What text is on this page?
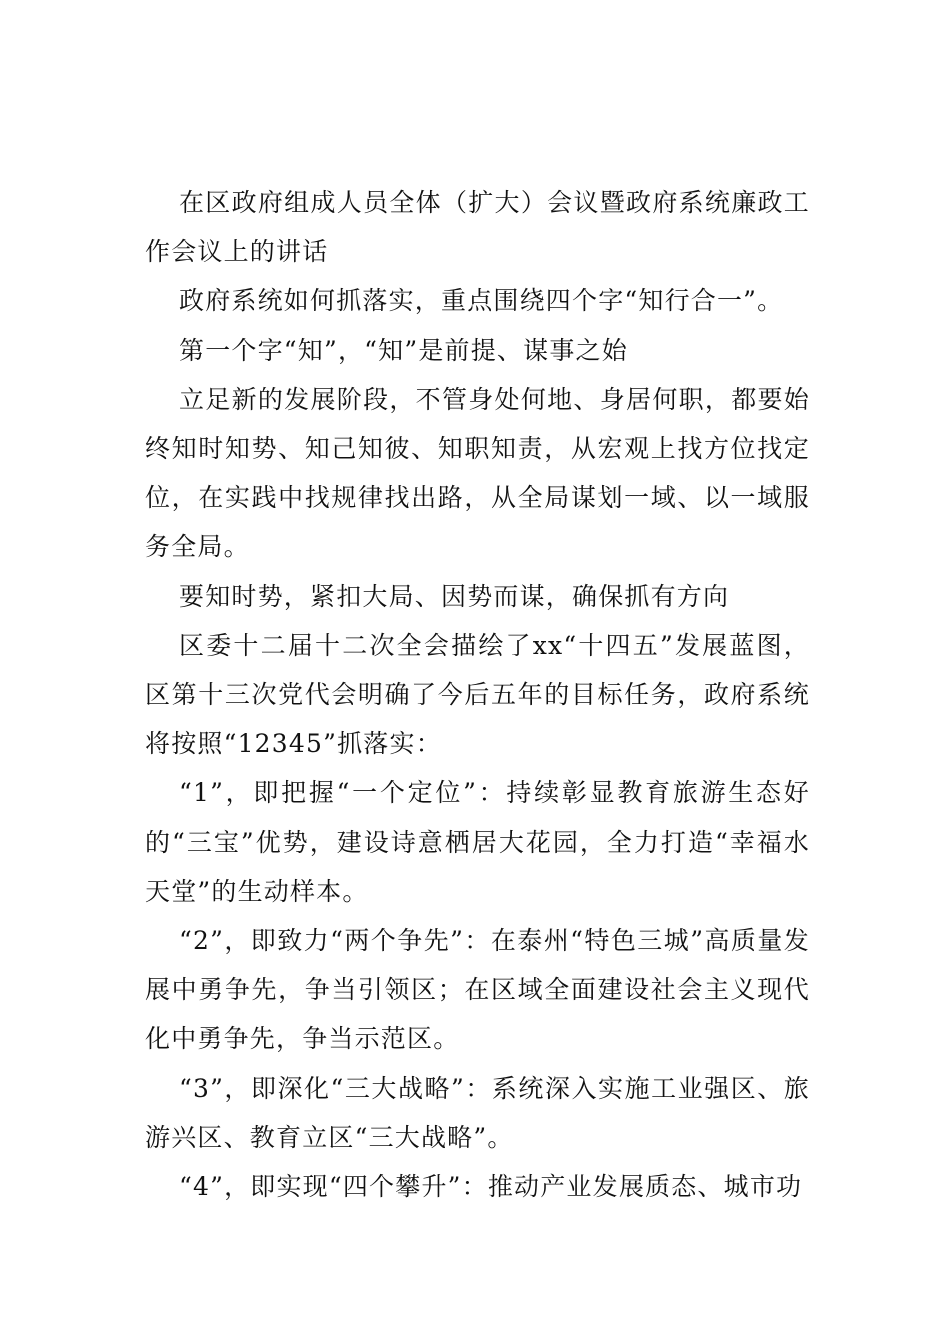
在区政府组成人员全体（扩大）会议暨政府系统廉政工作会议上的讲话

政府系统如何抓落实，重点围绕四个字“知行合一”。

第一个字“知”，“知”是前提、谋事之始

立足新的发展阶段，不管身处何地、身居何职，都要始终知时知势、知己知彼、知职知责，从宏观上找方位找定位，在实践中找规律找出路，从全局谋划一域、以一域服务全局。

要知时势，紧扣大局、因势而谋，确保抓有方向

区委十二届十二次全会描绘了xx“十四五”发展蓝图，区第十三次党代会明确了今后五年的目标任务，政府系统将按照“12345”抓落实：

“1”，即把握“一个定位”：持续彰显教育旅游生态好的“三宝”优势，建设诗意栖居大花园，全力打造“幸福水天堂”的生动样本。

“2”，即致力“两个争先”：在泰州“特色三城”高质量发展中勇争先，争当引领区；在区域全面建设社会主义现代化中勇争先，争当示范区。

“3”，即深化“三大战略”：系统深入实施工业强区、旅游兴区、教育立区“三大战略”。

“4”，即实现“四个攀升”：推动产业发展质态、城市功
